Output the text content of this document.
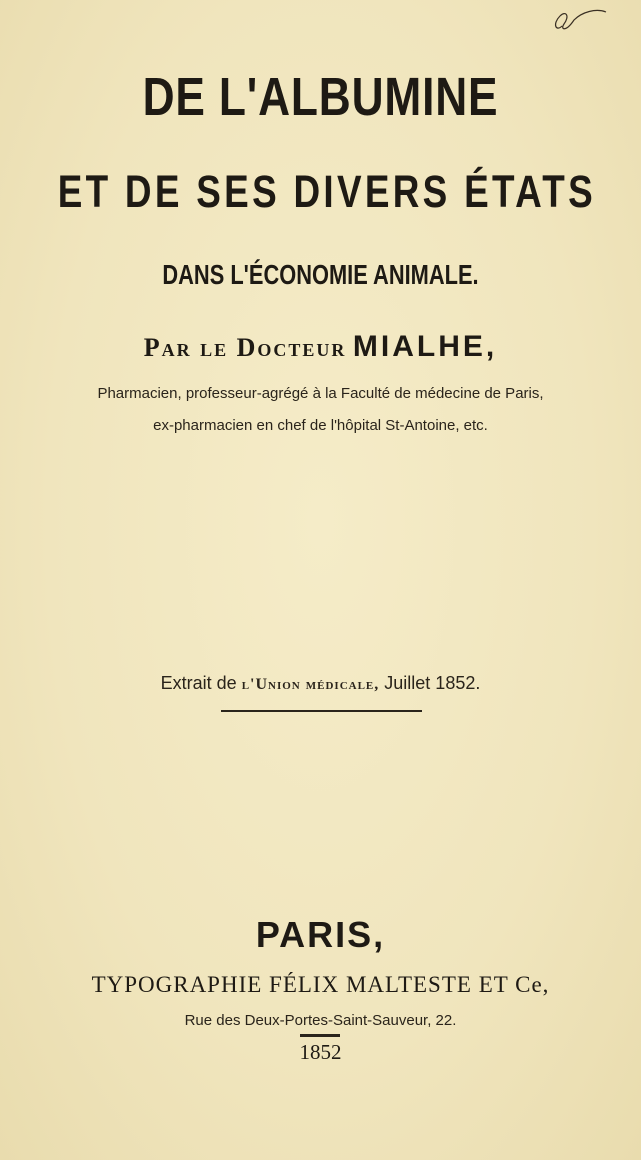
DE L'ALBUMINE
ET DE SES DIVERS ÉTATS
DANS L'ÉCONOMIE ANIMALE.
Par le Docteur MIALHE,
Pharmacien, professeur-agrégé à la Faculté de médecine de Paris,
ex-pharmacien en chef de l'hôpital St-Antoine, etc.
Extrait de l'Union médicale, Juillet 1852.
PARIS,
TYPOGRAPHIE FÉLIX MALTESTE ET Ce,
Rue des Deux-Portes-Saint-Sauveur, 22.
1852
